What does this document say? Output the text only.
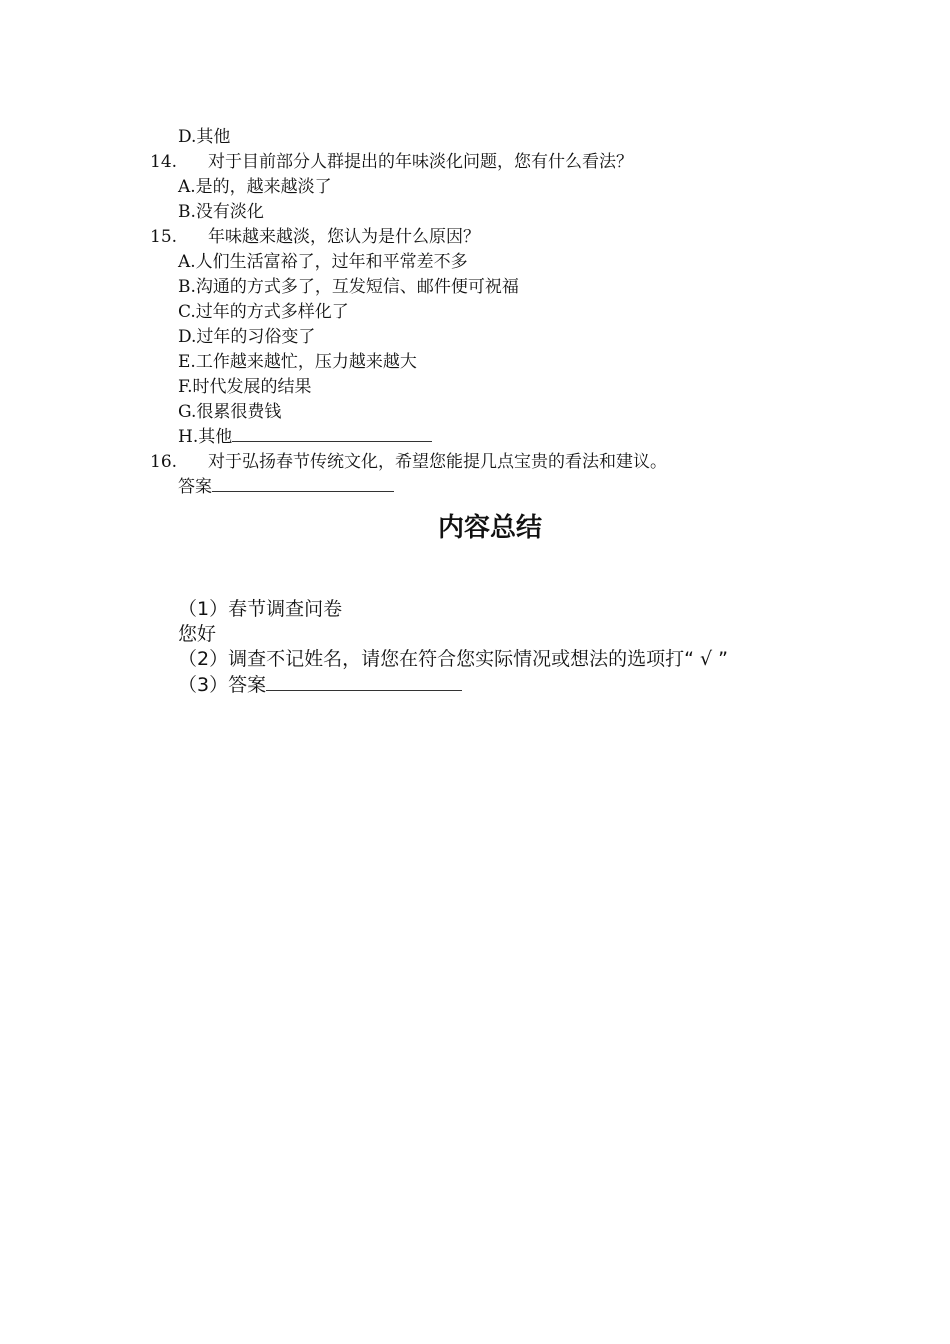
D.其他
14. 对于目前部分人群提出的年味淡化问题，您有什么看法？
A.是的，越来越淡了
B.没有淡化
15. 年味越来越淡，您认为是什么原因？
A.人们生活富裕了，过年和平常差不多
B.沟通的方式多了，互发短信、邮件便可祝福
C.过年的方式多样化了
D.过年的习俗变了
E.工作越来越忙，压力越来越大
F.时代发展的结果
G.很累很费钱
H.其他
16. 对于弘扬春节传统文化，希望您能提几点宝贵的看法和建议。
答案
内容总结
（1）春节调查问卷
您好
（2）调查不记姓名，请您在符合您实际情况或想法的选项打“ √ ”
（3）答案
